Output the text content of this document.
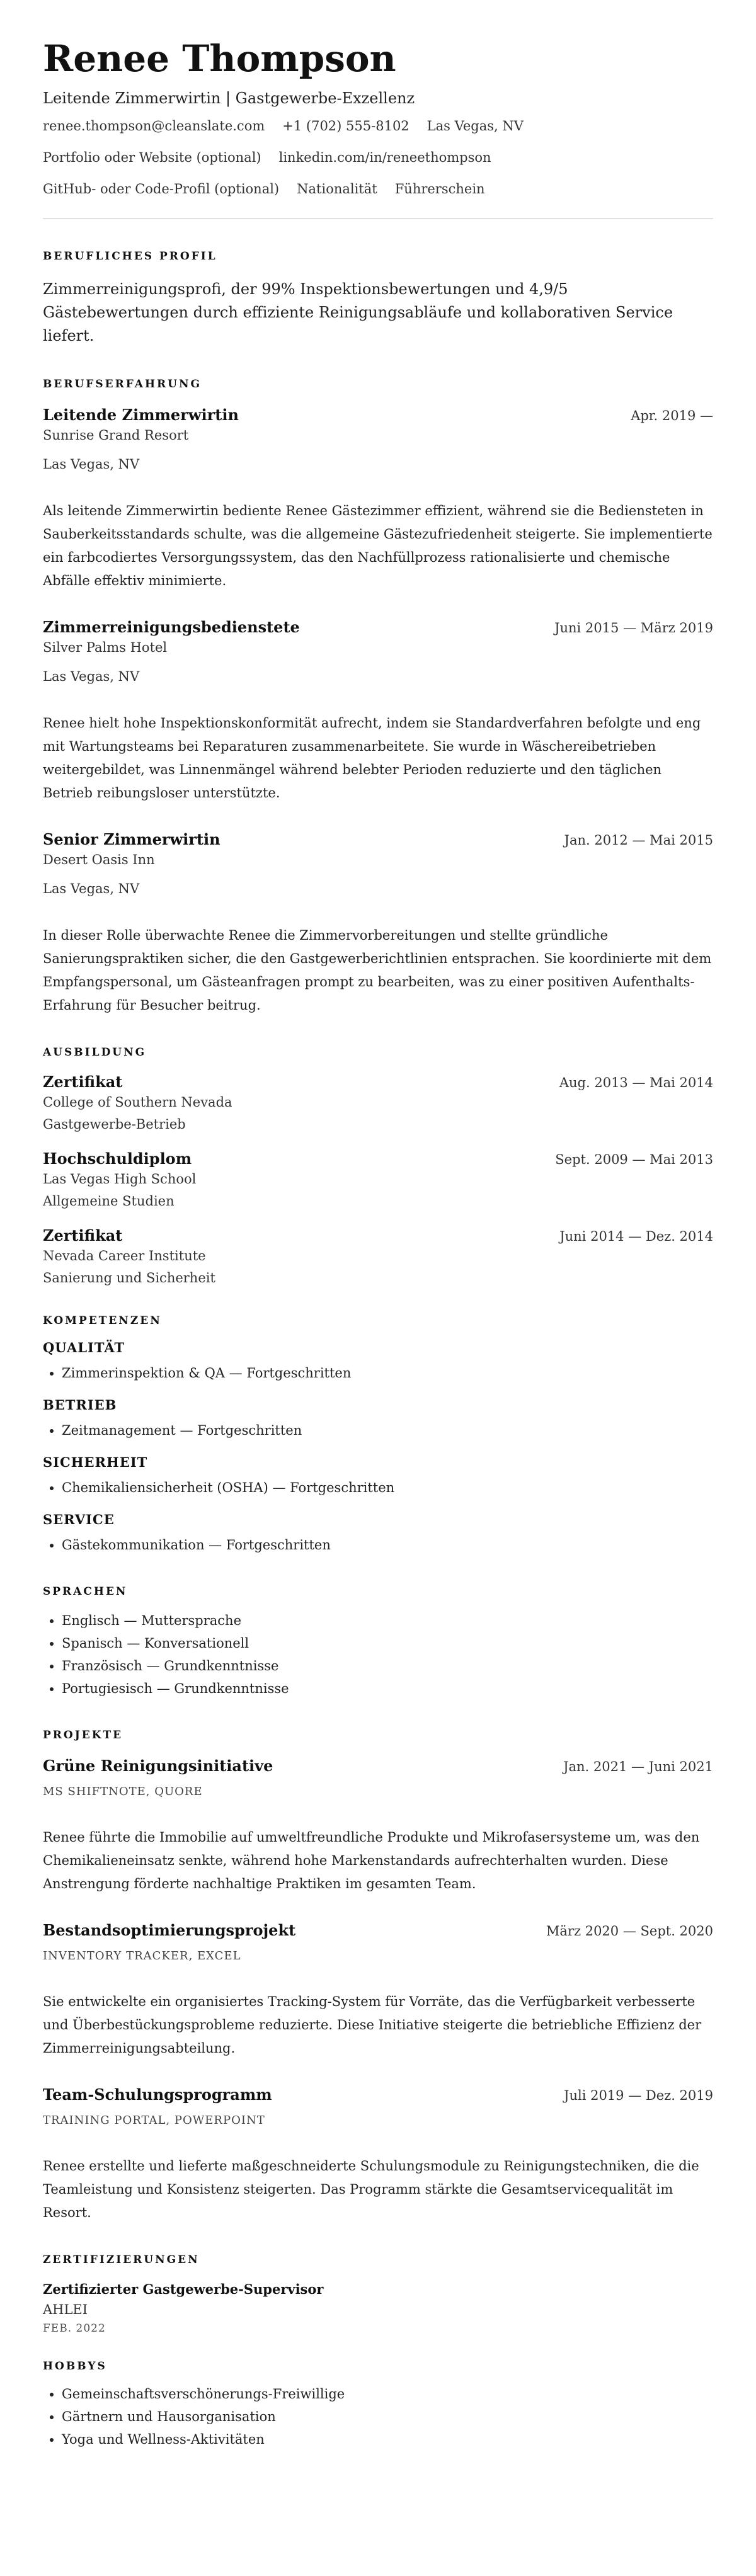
Renee Thompson
Leitende Zimmerwirtin | Gastgewerbe-Exzellenz
renee.thompson@cleanslate.com +1 (702) 555-8102 Las Vegas, NV
Portfolio oder Website (optional) linkedin.com/in/reneethompson
GitHub- oder Code-Profil (optional) Nationalität Führerschein
BERUFLICHES PROFIL
Zimmerreinigungsprofi, der 99% Inspektionsbewertungen und 4,9/5 Gästebewertungen durch effiziente Reinigungsabläufe und kollaborativen Service liefert.
BERUFSERFAHRUNG
Leitende Zimmerwirtin	Apr. 2019 —
Sunrise Grand Resort
Las Vegas, NV
Als leitende Zimmerwirtin bediente Renee Gästezimmer effizient, während sie die Bediensteten in Sauberkeitsstandards schulte, was die allgemeine Gästezufriedenheit steigerte. Sie implementierte ein farbcodiertes Versorgungssystem, das den Nachfüllprozess rationalisierte und chemische Abfälle effektiv minimierte.
Zimmerreinigungsbedienstete	Juni 2015 — März 2019
Silver Palms Hotel
Las Vegas, NV
Renee hielt hohe Inspektionskonformität aufrecht, indem sie Standardverfahren befolgte und eng mit Wartungsteams bei Reparaturen zusammenarbeitete. Sie wurde in Wäschereibetrieben weitergebildet, was Linnenmängel während belebter Perioden reduzierte und den täglichen Betrieb reibungsloser unterstützte.
Senior Zimmerwirtin	Jan. 2012 — Mai 2015
Desert Oasis Inn
Las Vegas, NV
In dieser Rolle überwachte Renee die Zimmervorbereitungen und stellte gründliche Sanierungspraktiken sicher, die den Gastgewerberichtlinien entsprachen. Sie koordinierte mit dem Empfangspersonal, um Gästeanfragen prompt zu bearbeiten, was zu einer positiven Aufenthalts-Erfahrung für Besucher beitrug.
AUSBILDUNG
Zertifikat	Aug. 2013 — Mai 2014
College of Southern Nevada
Gastgewerbe-Betrieb
Hochschuldiplom	Sept. 2009 — Mai 2013
Las Vegas High School
Allgemeine Studien
Zertifikat	Juni 2014 — Dez. 2014
Nevada Career Institute
Sanierung und Sicherheit
KOMPETENZEN
QUALITÄT
• Zimmerinspektion & QA — Fortgeschritten
BETRIEB
• Zeitmanagement — Fortgeschritten
SICHERHEIT
• Chemikaliensicherheit (OSHA) — Fortgeschritten
SERVICE
• Gästekommunikation — Fortgeschritten
SPRACHEN
• Englisch — Muttersprache
• Spanisch — Konversationell
• Französisch — Grundkenntnisse
• Portugiesisch — Grundkenntnisse
PROJEKTE
Grüne Reinigungsinitiative	Jan. 2021 — Juni 2021
MS SHIFTNOTE, QUORE
Renee führte die Immobilie auf umweltfreundliche Produkte und Mikrofasersysteme um, was den Chemikalieneinsatz senkte, während hohe Markenstandards aufrechterhalten wurden. Diese Anstrengung förderte nachhaltige Praktiken im gesamten Team.
Bestandsoptimierungsprojekt	März 2020 — Sept. 2020
INVENTORY TRACKER, EXCEL
Sie entwickelte ein organisiertes Tracking-System für Vorräte, das die Verfügbarkeit verbesserte und Überbestückungsprobleme reduzierte. Diese Initiative steigerte die betriebliche Effizienz der Zimmerreinigungsabteilung.
Team-Schulungsprogramm	Juli 2019 — Dez. 2019
TRAINING PORTAL, POWERPOINT
Renee erstellte und lieferte maßgeschneiderte Schulungsmodule zu Reinigungstechniken, die die Teamleistung und Konsistenz steigerten. Das Programm stärkte die Gesamtservicequalität im Resort.
ZERTIFIZIERUNGEN
Zertifizierter Gastgewerbe-Supervisor
AHLEI
FEB. 2022
HOBBYS
• Gemeinschaftsverschönerungs-Freiwillige
• Gärtnern und Hausorganisation
• Yoga und Wellness-Aktivitäten
